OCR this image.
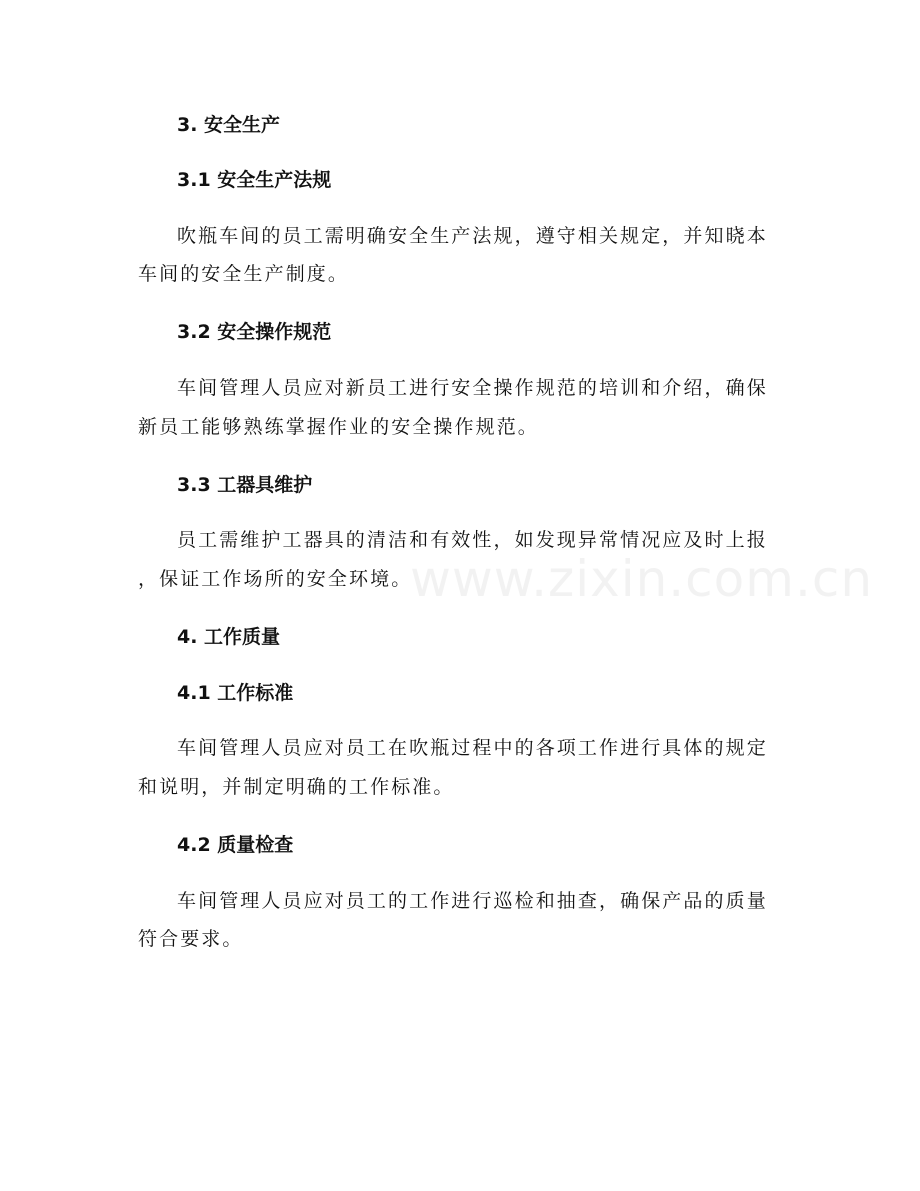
3. 安全生产
3.1 安全生产法规
吹瓶车间的员工需明确安全生产法规，遵守相关规定，并知晓本
车间的安全生产制度。
3.2 安全操作规范
车间管理人员应对新员工进行安全操作规范的培训和介绍，确保
新员工能够熟练掌握作业的安全操作规范。
3.3 工器具维护
员工需维护工器具的清洁和有效性，如发现异常情况应及时上报
，保证工作场所的安全环境。
4. 工作质量
4.1 工作标准
车间管理人员应对员工在吹瓶过程中的各项工作进行具体的规定
和说明，并制定明确的工作标准。
4.2 质量检查
车间管理人员应对员工的工作进行巡检和抽查，确保产品的质量
符合要求。
www.zixin.com.cn
